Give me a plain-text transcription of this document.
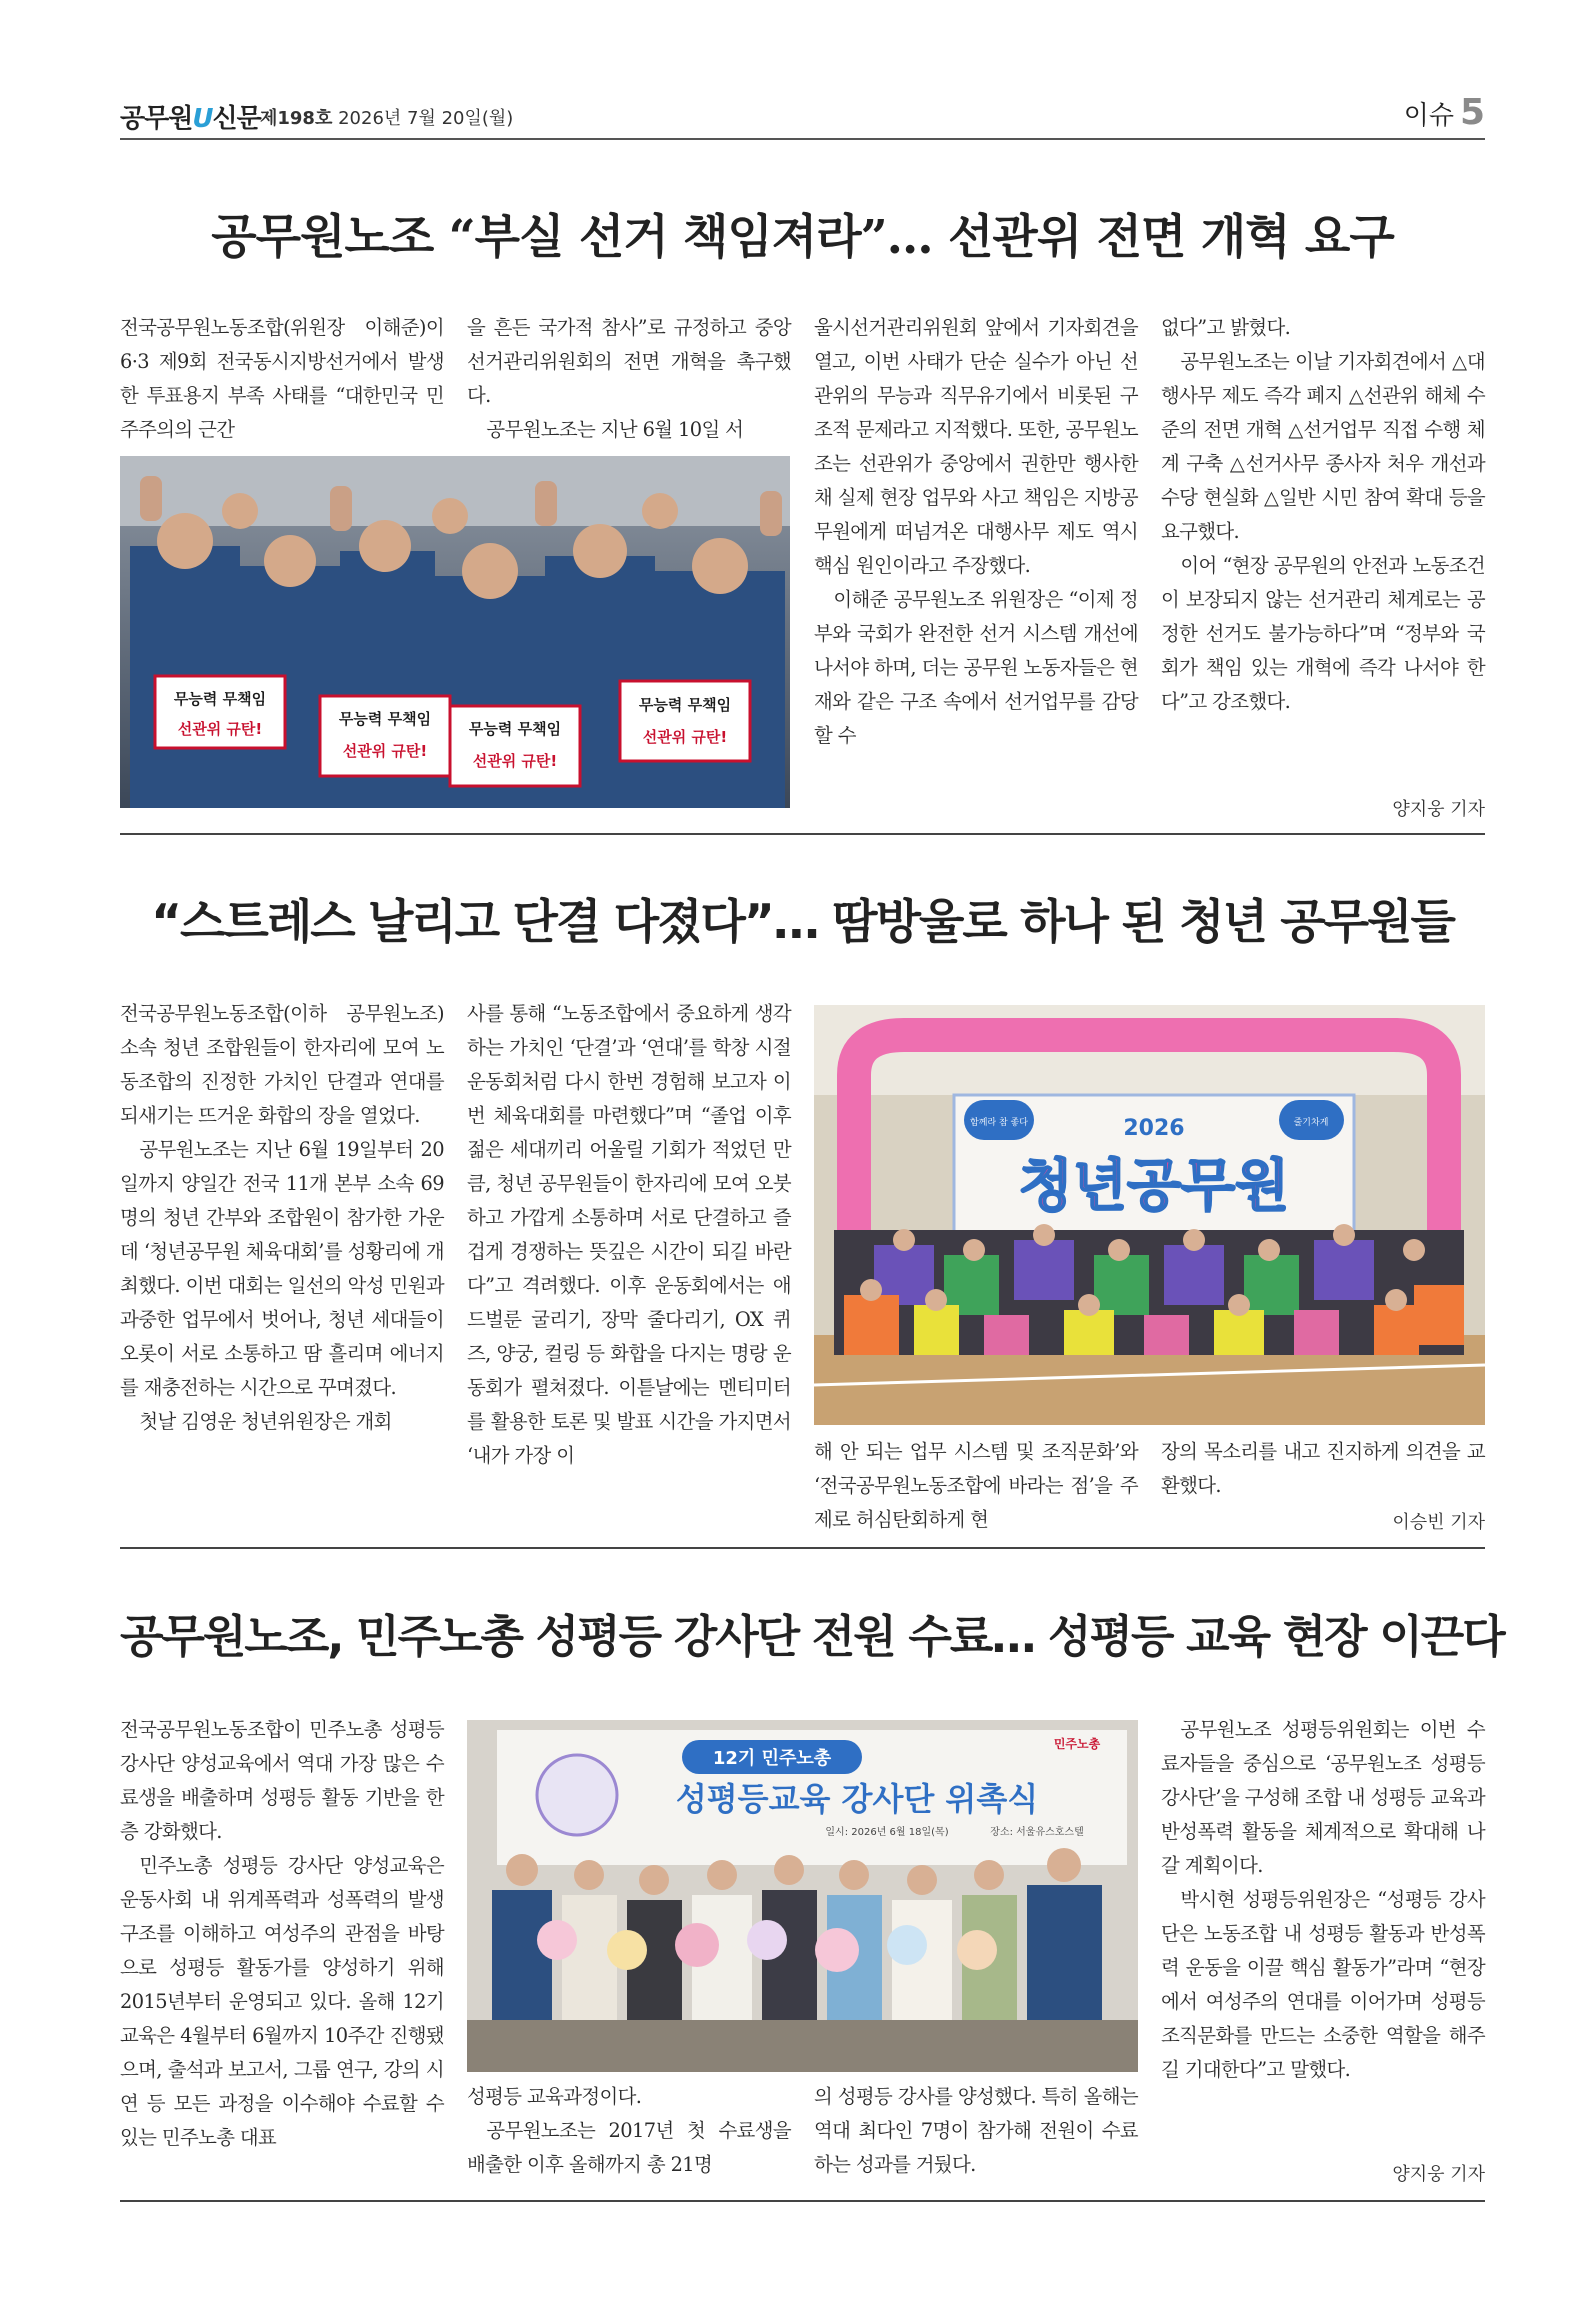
공무원U신문 제198호 2026년 7월 20일(월)	이슈 5
공무원노조 “부실 선거 책임져라”… 선관위 전면 개혁 요구

전국공무원노동조합(위원장 이해준)이 6·3 제9회 전국동시지방선거에서 발생한 투표용지 부족 사태를 “대한민국 민주주의의 근간

무능력 무책임
선관위 규탄!
무능력 무책임
선관위 규탄!
무능력 무책임
선관위 규탄!
무능력 무책임
선관위 규탄!

을 흔든 국가적 참사”로 규정하고 중앙선거관리위원회의 전면 개혁을 촉구했다.

공무원노조는 지난 6월 10일 서

울시선거관리위원회 앞에서 기자회견을 열고, 이번 사태가 단순 실수가 아닌 선관위의 무능과 직무유기에서 비롯된 구조적 문제라고 지적했다. 또한, 공무원노조는 선관위가 중앙에서 권한만 행사한 채 실제 현장 업무와 사고 책임은 지방공무원에게 떠넘겨온 대행사무 제도 역시 핵심 원인이라고 주장했다.

이해준 공무원노조 위원장은 “이제 정부와 국회가 완전한 선거 시스템 개선에 나서야 하며, 더는 공무원 노동자들은 현재와 같은 구조 속에서 선거업무를 감당할 수

없다”고 밝혔다.

공무원노조는 이날 기자회견에서 △대행사무 제도 즉각 폐지 △선관위 해체 수준의 전면 개혁 △선거업무 직접 수행 체계 구축 △선거사무 종사자 처우 개선과 수당 현실화 △일반 시민 참여 확대 등을 요구했다.

이어 “현장 공무원의 안전과 노동조건이 보장되지 않는 선거관리 체계로는 공정한 선거도 불가능하다”며 “정부와 국회가 책임 있는 개혁에 즉각 나서야 한다”고 강조했다.

양지웅 기자
“스트레스 날리고 단결 다졌다”… 땀방울로 하나 된 청년 공무원들

전국공무원노동조합(이하 공무원노조) 소속 청년 조합원들이 한자리에 모여 노동조합의 진정한 가치인 단결과 연대를 되새기는 뜨거운 화합의 장을 열었다.

공무원노조는 지난 6월 19일부터 20일까지 양일간 전국 11개 본부 소속 69명의 청년 간부와 조합원이 참가한 가운데 ‘청년공무원 체육대회’를 성황리에 개최했다. 이번 대회는 일선의 악성 민원과 과중한 업무에서 벗어나, 청년 세대들이 오롯이 서로 소통하고 땀 흘리며 에너지를 재충전하는 시간으로 꾸며졌다.

첫날 김영운 청년위원장은 개회

사를 통해 “노동조합에서 중요하게 생각하는 가치인 ‘단결’과 ‘연대’를 학창 시절 운동회처럼 다시 한번 경험해 보고자 이번 체육대회를 마련했다”며 “졸업 이후 젊은 세대끼리 어울릴 기회가 적었던 만큼, 청년 공무원들이 한자리에 모여 오붓하고 가깝게 소통하며 서로 단결하고 즐겁게 경쟁하는 뜻깊은 시간이 되길 바란다”고 격려했다. 이후 운동회에서는 애드벌룬 굴리기, 장막 줄다리기, OX 퀴즈, 양궁, 컬링 등 화합을 다지는 명랑 운동회가 펼쳐졌다. 이튿날에는 멘티미터를 활용한 토론 및 발표 시간을 가지면서 ‘내가 가장 이

2026
청년공무원
함께라 참 좋다	줄기차게

해 안 되는 업무 시스템 및 조직문화’와 ‘전국공무원노동조합에 바라는 점’을 주제로 허심탄회하게 현

장의 목소리를 내고 진지하게 의견을 교환했다.

이승빈 기자
공무원노조, 민주노총 성평등 강사단 전원 수료… 성평등 교육 현장 이끈다

전국공무원노동조합이 민주노총 성평등 강사단 양성교육에서 역대 가장 많은 수료생을 배출하며 성평등 활동 기반을 한층 강화했다.

민주노총 성평등 강사단 양성교육은 운동사회 내 위계폭력과 성폭력의 발생 구조를 이해하고 여성주의 관점을 바탕으로 성평등 활동가를 양성하기 위해 2015년부터 운영되고 있다. 올해 12기 교육은 4월부터 6월까지 10주간 진행됐으며, 출석과 보고서, 그룹 연구, 강의 시연 등 모든 과정을 이수해야 수료할 수 있는 민주노총 대표

12기 민주노총
성평등교육 강사단 위촉식
일시: 2026년 6월 18일(목)	장소: 서울유스호스텔
민주노총

성평등 교육과정이다.

공무원노조는 2017년 첫 수료생을 배출한 이후 올해까지 총 21명

의 성평등 강사를 양성했다. 특히 올해는 역대 최다인 7명이 참가해 전원이 수료하는 성과를 거뒀다.

공무원노조 성평등위원회는 이번 수료자들을 중심으로 ‘공무원노조 성평등 강사단’을 구성해 조합 내 성평등 교육과 반성폭력 활동을 체계적으로 확대해 나갈 계획이다.

박시현 성평등위원장은 “성평등 강사단은 노동조합 내 성평등 활동과 반성폭력 운동을 이끌 핵심 활동가”라며 “현장에서 여성주의 연대를 이어가며 성평등 조직문화를 만드는 소중한 역할을 해주길 기대한다”고 말했다.

양지웅 기자
